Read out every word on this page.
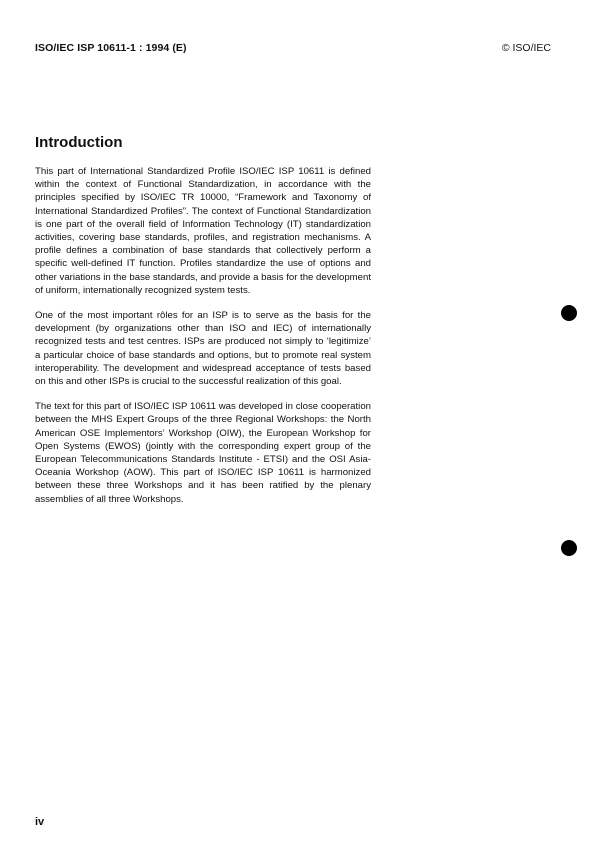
ISO/IEC ISP 10611-1 : 1994 (E)	© ISO/IEC
Introduction

This part of International Standardized Profile ISO/IEC ISP 10611 is defined within the context of Functional Standardization, in accordance with the principles specified by ISO/IEC TR 10000, “Framework and Taxonomy of International Standardized Profiles”. The context of Functional Standardization is one part of the overall field of Information Technology (IT) standardization activities, covering base standards, profiles, and registration mechanisms. A profile defines a combination of base standards that collectively perform a specific well-defined IT function. Profiles standardize the use of options and other variations in the base standards, and provide a basis for the development of uniform, internationally recognized system tests.

One of the most important rôles for an ISP is to serve as the basis for the development (by organizations other than ISO and IEC) of internationally recognized tests and test centres. ISPs are produced not simply to ‘legitimize’ a particular choice of base standards and options, but to promote real system interoperability. The development and widespread acceptance of tests based on this and other ISPs is crucial to the successful realization of this goal.

The text for this part of ISO/IEC ISP 10611 was developed in close cooperation between the MHS Expert Groups of the three Regional Workshops: the North American OSE Implementors’ Workshop (OIW), the European Workshop for Open Systems (EWOS) (jointly with the corresponding expert group of the European Telecommunications Standards Institute - ETSI) and the OSI Asia-Oceania Workshop (AOW). This part of ISO/IEC ISP 10611 is harmonized between these three Workshops and it has been ratified by the plenary assemblies of all three Workshops.

iv
